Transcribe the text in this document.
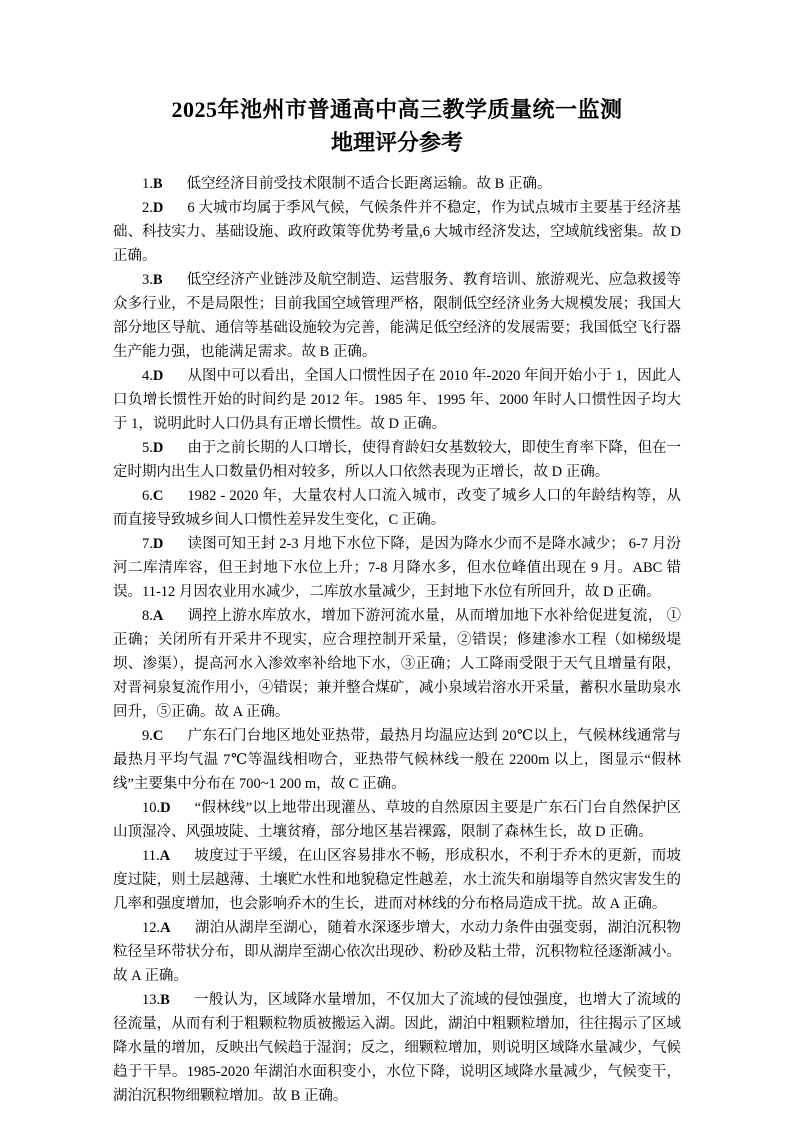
2025年池州市普通高中高三教学质量统一监测
地理评分参考

1.B 低空经济目前受技术限制不适合长距离运输。故 B 正确。

2.D 6 大城市均属于季风气候，气候条件并不稳定，作为试点城市主要基于经济基础、科技实力、基础设施、政府政策等优势考量,6 大城市经济发达，空域航线密集。故 D 正确。

3.B 低空经济产业链涉及航空制造、运营服务、教育培训、旅游观光、应急救援等众多行业，不是局限性；目前我国空域管理严格，限制低空经济业务大规模发展；我国大部分地区导航、通信等基础设施较为完善，能满足低空经济的发展需要；我国低空飞行器生产能力强，也能满足需求。故 B 正确。

4.D 从图中可以看出，全国人口惯性因子在 2010 年-2020 年间开始小于 1，因此人口负增长惯性开始的时间约是 2012 年。1985 年、1995 年、2000 年时人口惯性因子均大于 1，说明此时人口仍具有正增长惯性。故 D 正确。

5.D 由于之前长期的人口增长，使得育龄妇女基数较大，即使生育率下降，但在一定时期内出生人口数量仍相对较多，所以人口依然表现为正增长，故 D 正确。

6.C 1982 - 2020 年，大量农村人口流入城市，改变了城乡人口的年龄结构等，从而直接导致城乡间人口惯性差异发生变化，C 正确。

7.D 读图可知王封 2-3 月地下水位下降，是因为降水少而不是降水减少； 6-7 月汾河二库清库容，但王封地下水位上升；7-8 月降水多，但水位峰值出现在 9 月。ABC 错误。11-12 月因农业用水减少，二库放水量减少，王封地下水位有所回升，故 D 正确。

8.A 调控上游水库放水，增加下游河流水量，从而增加地下水补给促进复流， ①正确；关闭所有开采井不现实，应合理控制开采量，②错误；修建渗水工程（如梯级堤坝、渗渠），提高河水入渗效率补给地下水，③正确；人工降雨受限于天气且增量有限，对晋祠泉复流作用小，④错误；兼并整合煤矿，减小泉域岩溶水开采量，蓄积水量助泉水回升，⑤正确。故 A 正确。

9.C 广东石门台地区地处亚热带，最热月均温应达到 20℃以上，气候林线通常与最热月平均气温 7℃等温线相吻合，亚热带气候林线一般在 2200m 以上，图显示“假林线”主要集中分布在 700~1 200 m，故 C 正确。

10.D “假林线”以上地带出现灌丛、草坡的自然原因主要是广东石门台自然保护区山顶湿冷、风强坡陡、土壤贫瘠，部分地区基岩裸露，限制了森林生长，故 D 正确。

11.A 坡度过于平缓，在山区容易排水不畅，形成积水，不利于乔木的更新，而坡度过陡，则土层越薄、土壤贮水性和地貌稳定性越差，水土流失和崩塌等自然灾害发生的几率和强度增加，也会影响乔木的生长，进而对林线的分布格局造成干扰。故 A 正确。

12.A 湖泊从湖岸至湖心，随着水深逐步增大，水动力条件由强变弱，湖泊沉积物粒径呈环带状分布，即从湖岸至湖心依次出现砂、粉砂及粘土带，沉积物粒径逐渐减小。故 A 正确。

13.B 一般认为，区域降水量增加，不仅加大了流域的侵蚀强度，也增大了流域的径流量，从而有利于粗颗粒物质被搬运入湖。因此，湖泊中粗颗粒增加，往往揭示了区域降水量的增加，反映出气候趋于湿润；反之，细颗粒增加，则说明区域降水量减少，气候趋于干旱。1985-2020 年湖泊水面积变小，水位下降，说明区域降水量减少，气候变干，湖泊沉积物细颗粒增加。故 B 正确。
